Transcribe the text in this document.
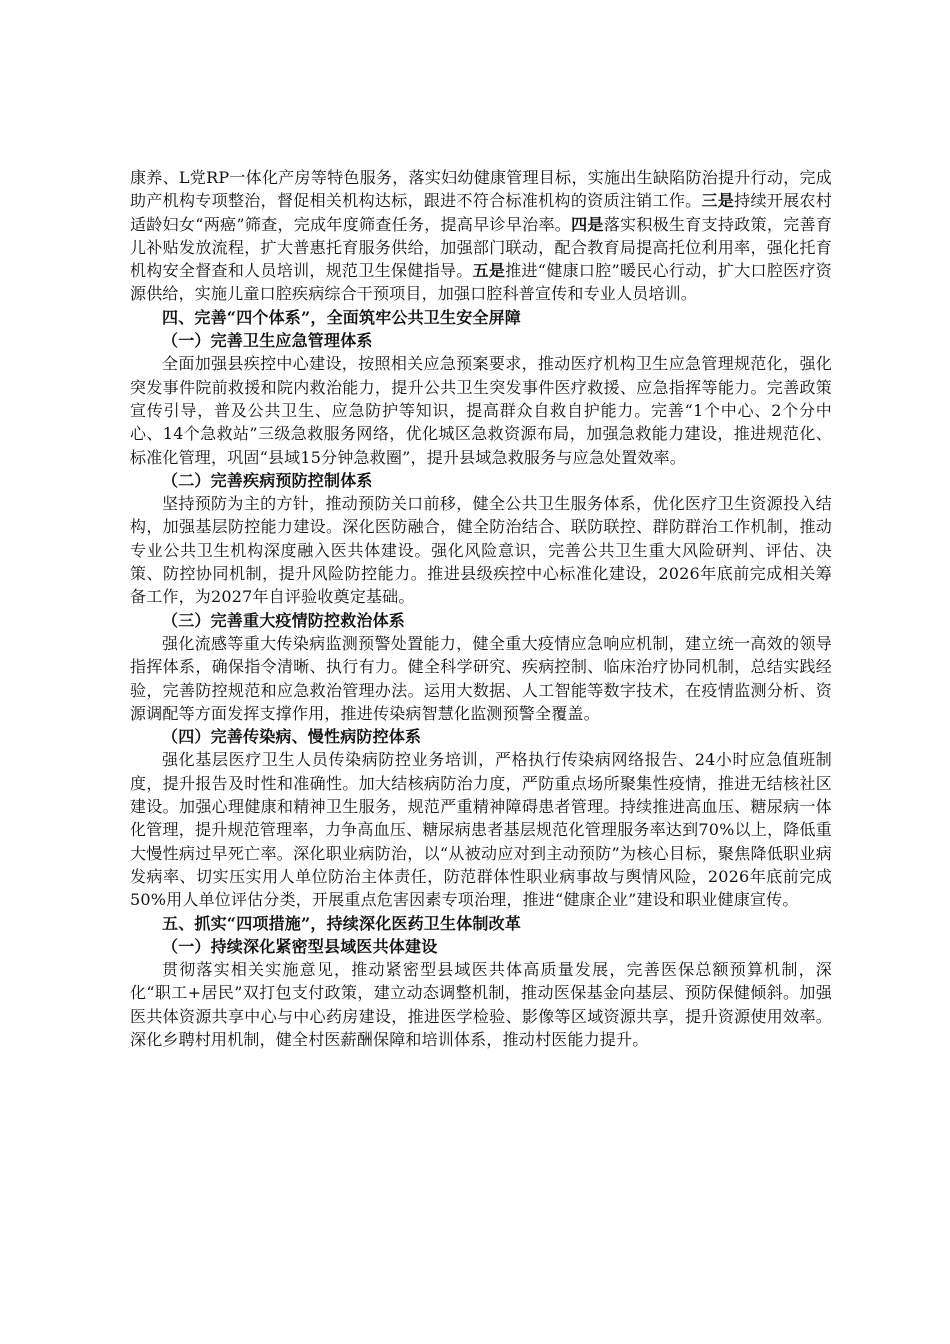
康养、L党RP一体化产房等特色服务，落实妇幼健康管理目标，实施出生缺陷防治提升行动，完成助产机构专项整治，督促相关机构达标，跟进不符合标准机构的资质注销工作。三是持续开展农村适龄妇女“两癌”筛查，完成年度筛查任务，提高早诊早治率。四是落实积极生育支持政策，完善育儿补贴发放流程，扩大普惠托育服务供给，加强部门联动，配合教育局提高托位利用率，强化托育机构安全督查和人员培训，规范卫生保健指导。五是推进“健康口腔”暖民心行动，扩大口腔医疗资源供给，实施儿童口腔疾病综合干预项目，加强口腔科普宣传和专业人员培训。

四、完善“四个体系”，全面筑牢公共卫生安全屏障

（一）完善卫生应急管理体系

全面加强县疾控中心建设，按照相关应急预案要求，推动医疗机构卫生应急管理规范化，强化突发事件院前救援和院内救治能力，提升公共卫生突发事件医疗救援、应急指挥等能力。完善政策宣传引导，普及公共卫生、应急防护等知识，提高群众自救自护能力。完善“1个中心、2个分中心、14个急救站”三级急救服务网络，优化城区急救资源布局，加强急救能力建设，推进规范化、标准化管理，巩固“县域15分钟急救圈”，提升县域急救服务与应急处置效率。

（二）完善疾病预防控制体系

坚持预防为主的方针，推动预防关口前移，健全公共卫生服务体系，优化医疗卫生资源投入结构，加强基层防控能力建设。深化医防融合，健全防治结合、联防联控、群防群治工作机制，推动专业公共卫生机构深度融入医共体建设。强化风险意识，完善公共卫生重大风险研判、评估、决策、防控协同机制，提升风险防控能力。推进县级疾控中心标准化建设，2026年底前完成相关筹备工作，为2027年自评验收奠定基础。

（三）完善重大疫情防控救治体系

强化流感等重大传染病监测预警处置能力，健全重大疫情应急响应机制，建立统一高效的领导指挥体系，确保指令清晰、执行有力。健全科学研究、疾病控制、临床治疗协同机制，总结实践经验，完善防控规范和应急救治管理办法。运用大数据、人工智能等数字技术，在疫情监测分析、资源调配等方面发挥支撑作用，推进传染病智慧化监测预警全覆盖。

（四）完善传染病、慢性病防控体系

强化基层医疗卫生人员传染病防控业务培训，严格执行传染病网络报告、24小时应急值班制度，提升报告及时性和准确性。加大结核病防治力度，严防重点场所聚集性疫情，推进无结核社区建设。加强心理健康和精神卫生服务，规范严重精神障碍患者管理。持续推进高血压、糖尿病一体化管理，提升规范管理率，力争高血压、糖尿病患者基层规范化管理服务率达到70%以上，降低重大慢性病过早死亡率。深化职业病防治，以“从被动应对到主动预防”为核心目标，聚焦降低职业病发病率、切实压实用人单位防治主体责任，防范群体性职业病事故与舆情风险，2026年底前完成50%用人单位评估分类，开展重点危害因素专项治理，推进“健康企业”建设和职业健康宣传。

五、抓实“四项措施”，持续深化医药卫生体制改革

（一）持续深化紧密型县域医共体建设

贯彻落实相关实施意见，推动紧密型县域医共体高质量发展，完善医保总额预算机制，深化“职工+居民”双打包支付政策，建立动态调整机制，推动医保基金向基层、预防保健倾斜。加强医共体资源共享中心与中心药房建设，推进医学检验、影像等区域资源共享，提升资源使用效率。深化乡聘村用机制，健全村医薪酬保障和培训体系，推动村医能力提升。
